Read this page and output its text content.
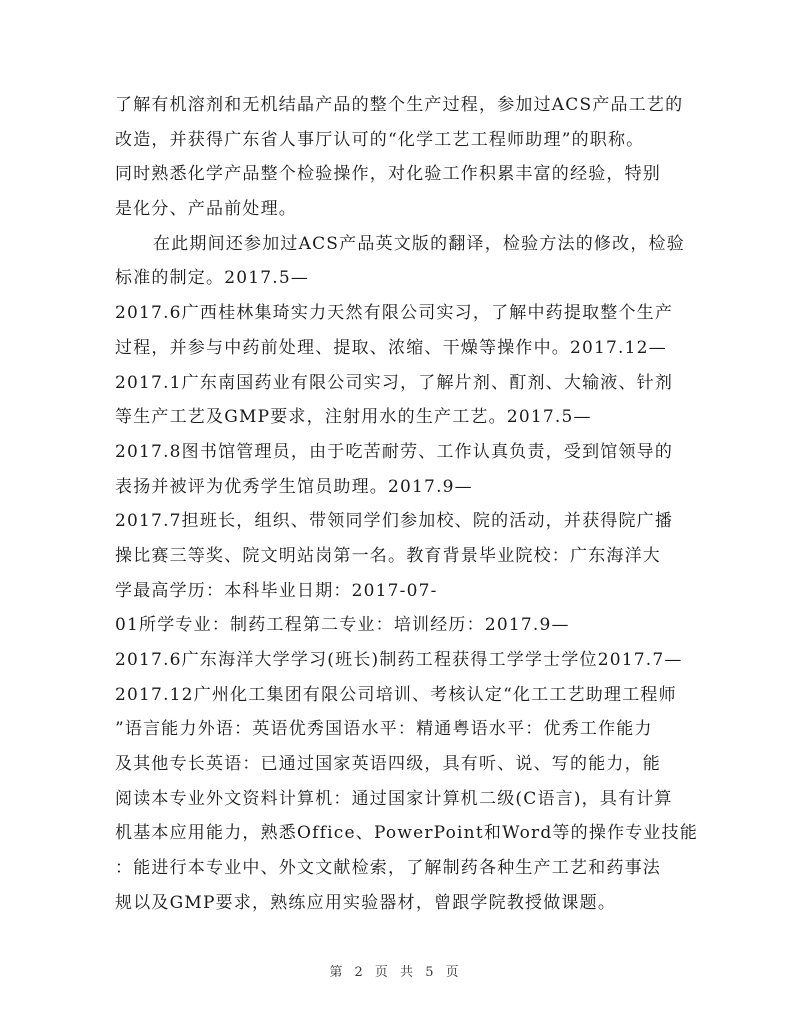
了解有机溶剂和无机结晶产品的整个生产过程，参加过ACS产品工艺的
改造，并获得广东省人事厅认可的“化学工艺工程师助理”的职称。
同时熟悉化学产品整个检验操作，对化验工作积累丰富的经验，特别
是化分、产品前处理。
在此期间还参加过ACS产品英文版的翻译，检验方法的修改，检验
标准的制定。2017.5—
2017.6广西桂林集琦实力天然有限公司实习，了解中药提取整个生产
过程，并参与中药前处理、提取、浓缩、干燥等操作中。2017.12—
2017.1广东南国药业有限公司实习，了解片剂、酊剂、大输液、针剂
等生产工艺及GMP要求，注射用水的生产工艺。2017.5—
2017.8图书馆管理员，由于吃苦耐劳、工作认真负责，受到馆领导的
表扬并被评为优秀学生馆员助理。2017.9—
2017.7担班长，组织、带领同学们参加校、院的活动，并获得院广播
操比赛三等奖、院文明站岗第一名。教育背景毕业院校：广东海洋大
学最高学历：本科毕业日期：2017-07-
01所学专业：制药工程第二专业：培训经历：2017.9—
2017.6广东海洋大学学习(班长)制药工程获得工学学士学位2017.7—
2017.12广州化工集团有限公司培训、考核认定“化工工艺助理工程师
”语言能力外语：英语优秀国语水平：精通粤语水平：优秀工作能力
及其他专长英语：已通过国家英语四级，具有听、说、写的能力，能
阅读本专业外文资料计算机：通过国家计算机二级(C语言)，具有计算
机基本应用能力，熟悉Office、PowerPoint和Word等的操作专业技能
：能进行本专业中、外文文献检索，了解制药各种生产工艺和药事法
规以及GMP要求，熟练应用实验器材，曾跟学院教授做课题。
第 2 页 共 5 页
